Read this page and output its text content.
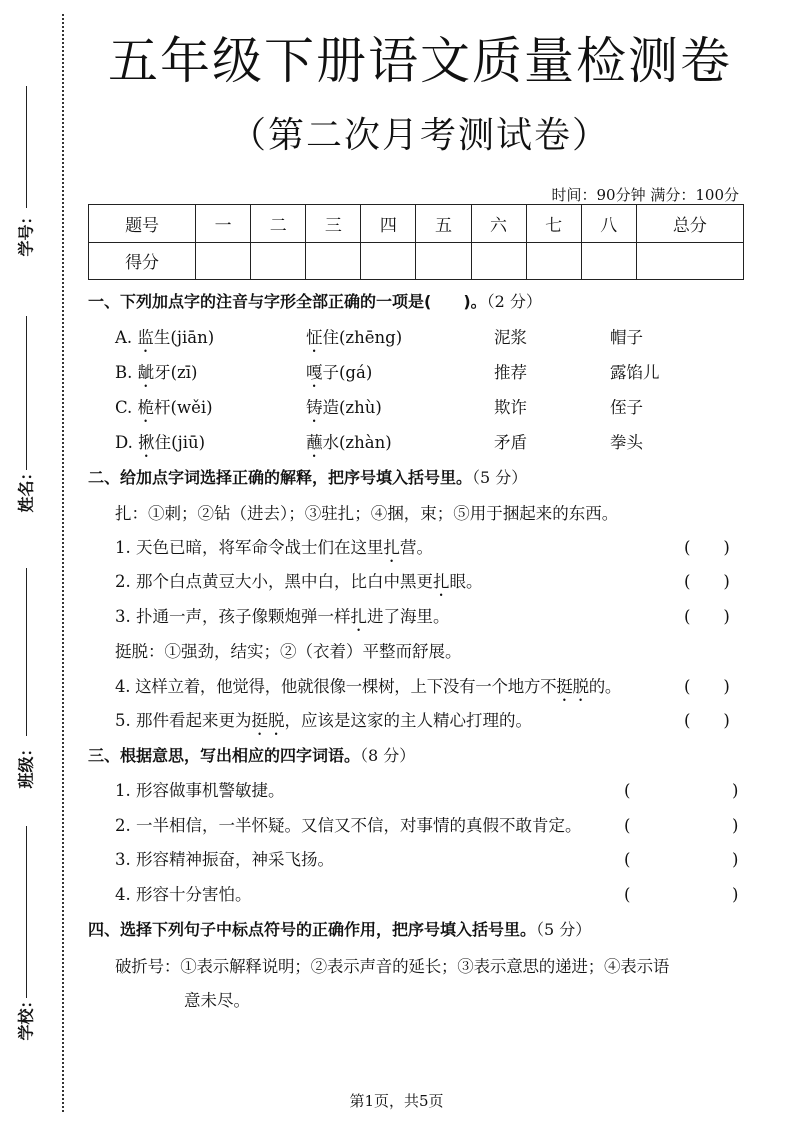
学号：
姓名：
班级：
学校：
五年级下册语文质量检测卷
（第二次月考测试卷）
时间：90分钟 满分：100分
题号	一	二	三	四	五	六	七	八	总分
得分									
一、下列加点字的注音与字形全部正确的一项是(　　)。（2 分）
A. 监生(jiān)	怔住(zhēng)	泥浆	帽子
B. 龇牙(zī)	嘎子(gá)	推荐	露馅儿
C. 桅杆(wěi)	铸造(zhù)	欺诈	侄子
D. 揪住(jiū)	蘸水(zhàn)	矛盾	拳头
二、给加点字词选择正确的解释，把序号填入括号里。（5 分）
扎：①刺；②钻（进去）；③驻扎；④捆，束；⑤用于捆起来的东西。
1. 天色已暗，将军命令战士们在这里扎营。	(　　)
2. 那个白点黄豆大小，黑中白，比白中黑更扎眼。	(　　)
3. 扑通一声，孩子像颗炮弹一样扎进了海里。	(　　)
挺脱：①强劲，结实；②（衣着）平整而舒展。
4. 这样立着，他觉得，他就很像一棵树，上下没有一个地方不挺脱的。	(　　)
5. 那件看起来更为挺脱，应该是这家的主人精心打理的。	(　　)
三、根据意思，写出相应的四字词语。（8 分）
1. 形容做事机警敏捷。	(	)
2. 一半相信，一半怀疑。又信又不信，对事情的真假不敢肯定。	(	)
3. 形容精神振奋，神采飞扬。	(	)
4. 形容十分害怕。	(	)
四、选择下列句子中标点符号的正确作用，把序号填入括号里。（5 分）
破折号：①表示解释说明；②表示声音的延长；③表示意思的递进；④表示语
意未尽。
第1页，共5页
